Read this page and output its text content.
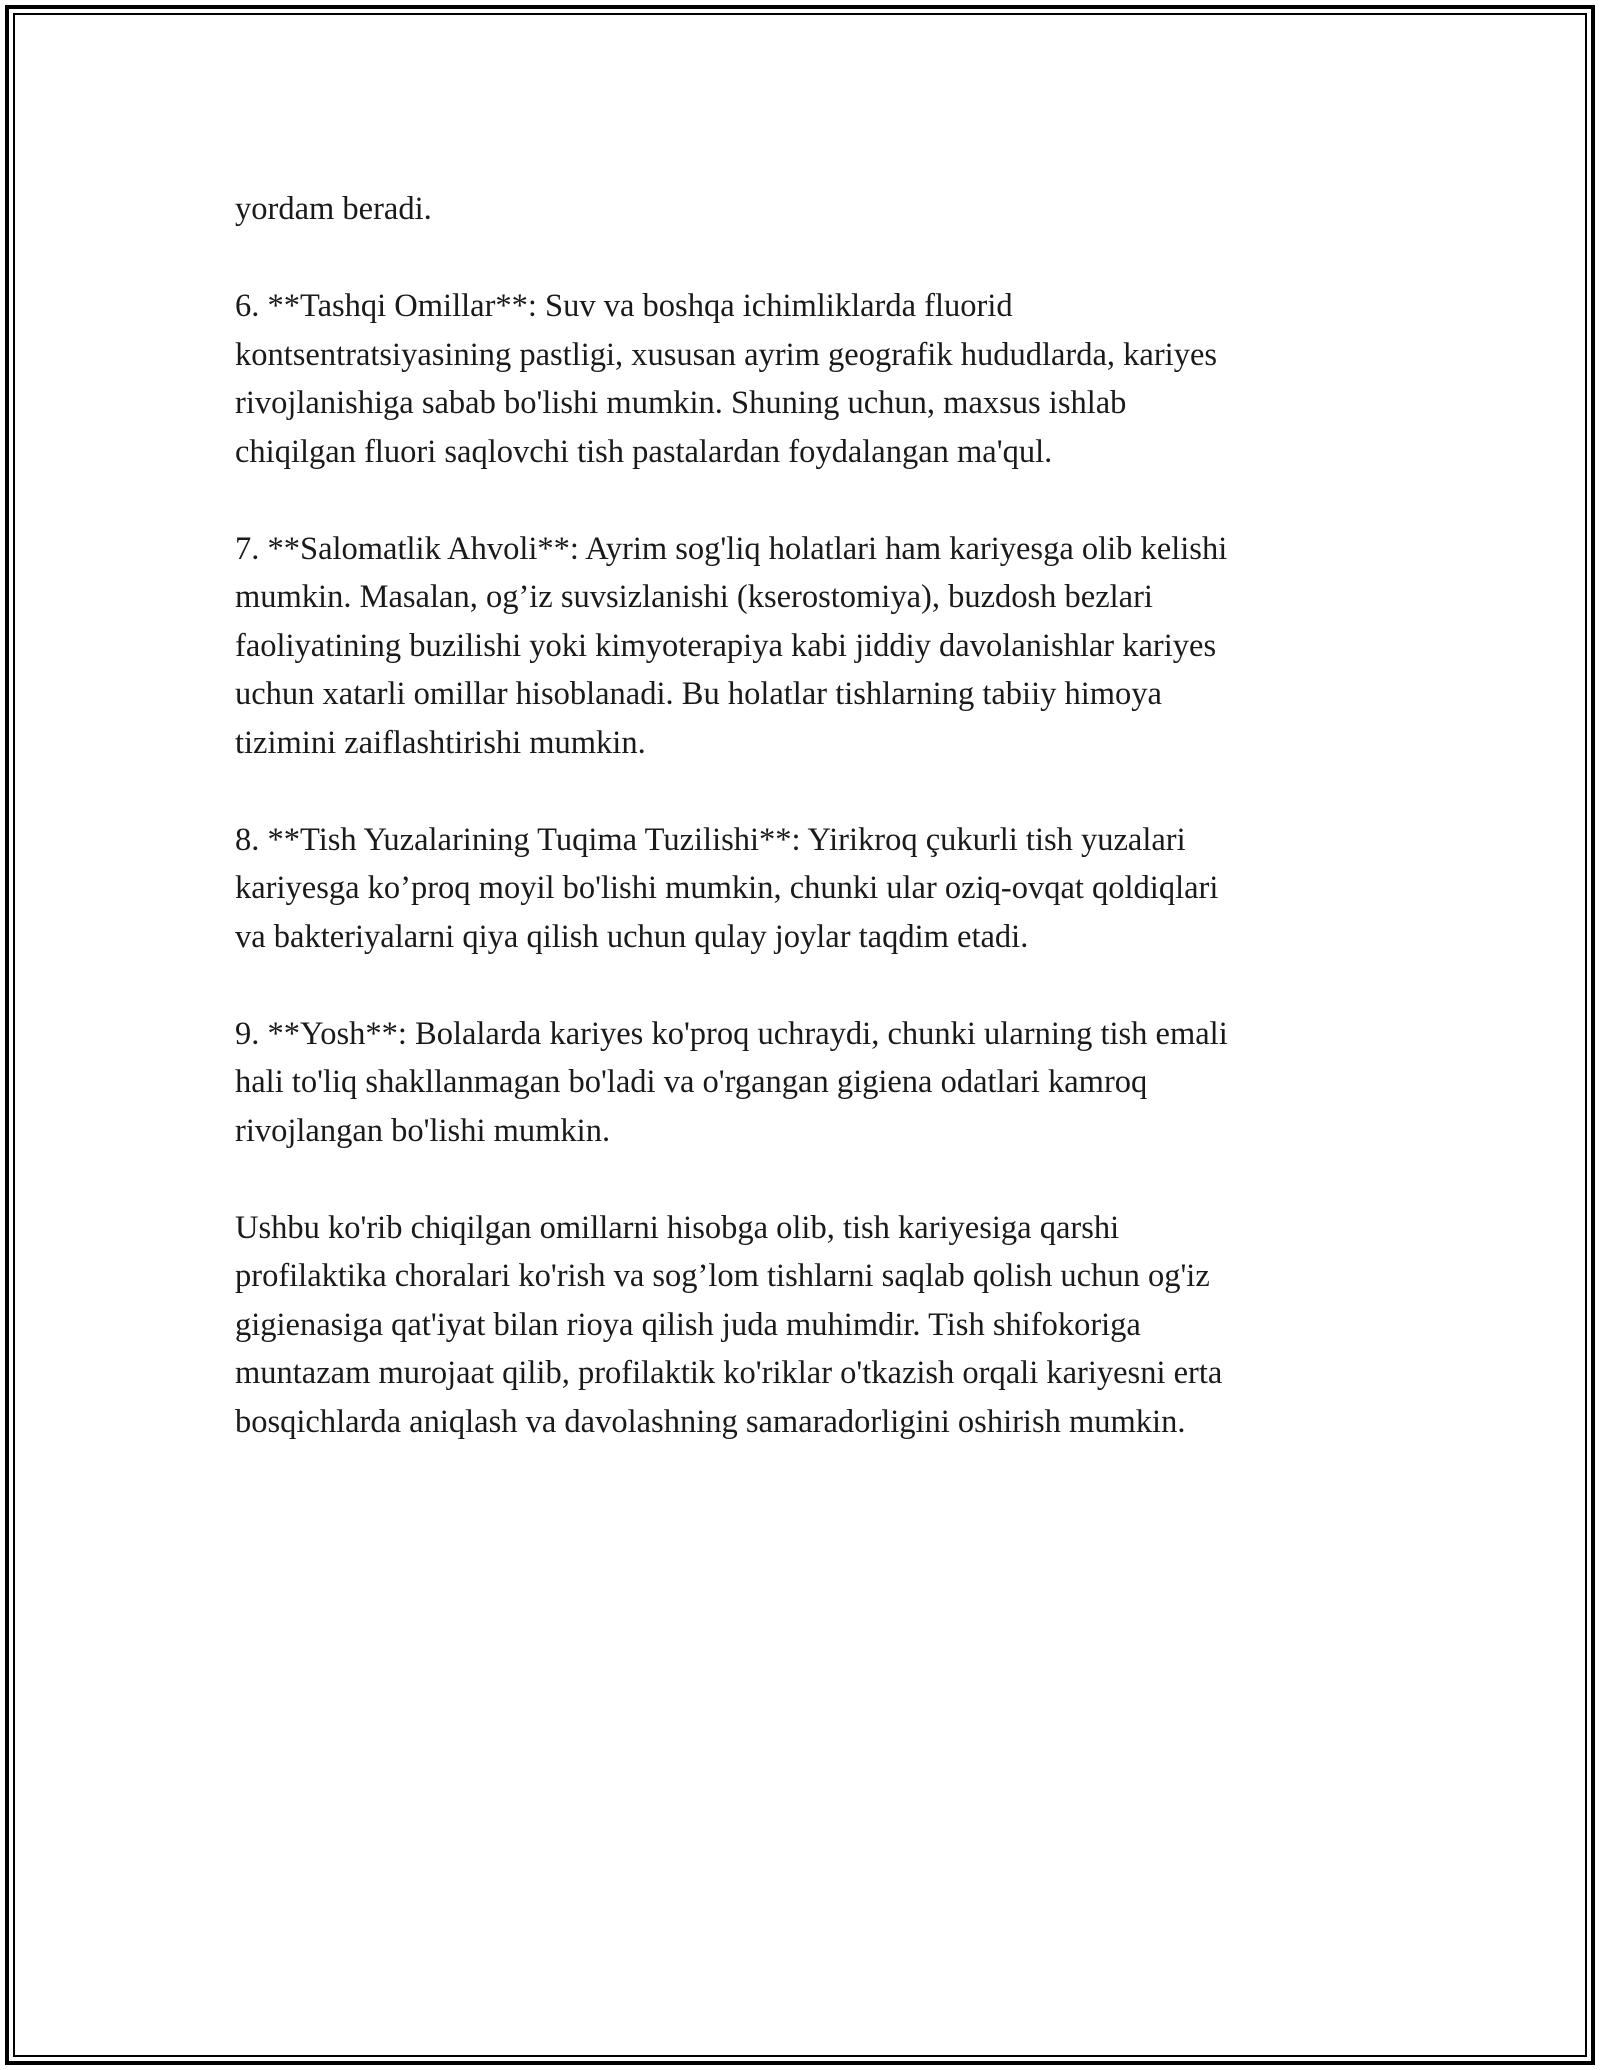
yordam beradi.

6. **Tashqi Omillar**: Suv va boshqa ichimliklarda fluorid
kontsentratsiyasining pastligi, xususan ayrim geografik hududlarda, kariyes
rivojlanishiga sabab bo'lishi mumkin. Shuning uchun, maxsus ishlab
chiqilgan fluori saqlovchi tish pastalardan foydalangan ma'qul.

7. **Salomatlik Ahvoli**: Ayrim sog'liq holatlari ham kariyesga olib kelishi
mumkin. Masalan, og’iz suvsizlanishi (kserostomiya), buzdosh bezlari
faoliyatining buzilishi yoki kimyoterapiya kabi jiddiy davolanishlar kariyes
uchun xatarli omillar hisoblanadi. Bu holatlar tishlarning tabiiy himoya
tizimini zaiflashtirishi mumkin.

8. **Tish Yuzalarining Tuqima Tuzilishi**: Yirikroq çukurli tish yuzalari
kariyesga ko’proq moyil bo'lishi mumkin, chunki ular oziq-ovqat qoldiqlari
va bakteriyalarni qiya qilish uchun qulay joylar taqdim etadi.

9. **Yosh**: Bolalarda kariyes ko'proq uchraydi, chunki ularning tish emali
hali to'liq shakllanmagan bo'ladi va o'rgangan gigiena odatlari kamroq
rivojlangan bo'lishi mumkin.

Ushbu ko'rib chiqilgan omillarni hisobga olib, tish kariyesiga qarshi
profilaktika choralari ko'rish va sog’lom tishlarni saqlab qolish uchun og'iz
gigienasiga qat'iyat bilan rioya qilish juda muhimdir. Tish shifokoriga
muntazam murojaat qilib, profilaktik ko'riklar o'tkazish orqali kariyesni erta
bosqichlarda aniqlash va davolashning samaradorligini oshirish mumkin.
